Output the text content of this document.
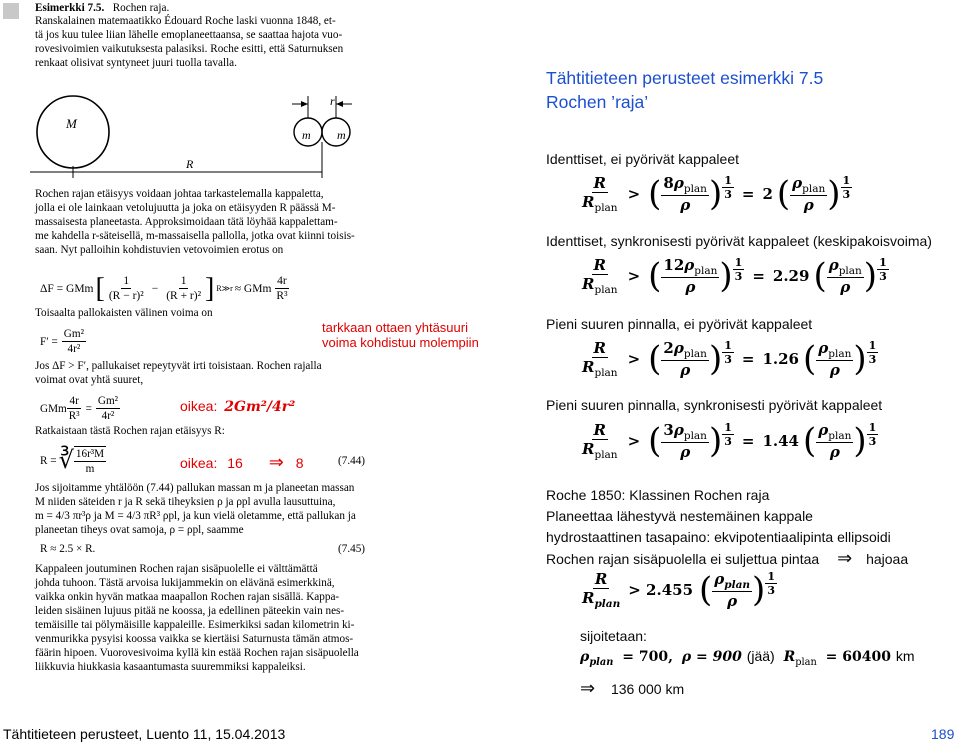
Esimerkki 7.5. Rochen raja.
Ranskalainen matemaatikko Édouard Roche laski vuonna 1848, et-
tä jos kuu tulee liian lähelle emoplaneettaansa, se saattaa hajota vuo-
rovesivoimien vaikutuksesta palasiksi. Roche esitti, että Saturnuksen
renkaat olisivat syntyneet juuri tuolla tavalla.
M
m m
r
R
Rochen rajan etäisyys voidaan johtaa tarkastelemalla kappaletta,
jolla ei ole lainkaan vetolujuutta ja joka on etäisyyden R päässä M-
massaisesta planeetasta. Approksimoidaan tätä löyhää kappalettam-
me kahdella r-säteisellä, m-massaisella pallolla, jotka ovat kiinni toisis-
saan. Nyt palloihin kohdistuvien vetovoimien erotus on
ΔF = GMm [ $\frac{1}{\text{(R − r)²}} - \frac{1}{\text{(R + r)²}}$ ] R≫r ≈ GMm $\frac{4r}{\text{R³}}$
Toisaalta pallokaisten välinen voima on
$F' = \frac{\text{Gm²}}{\text{4r²}}$
Jos ΔF > F′, pallukaiset repeytyvät irti toisistaan. Rochen rajalla
voimat ovat yhtä suuret,
GMm $\frac{4r}{\text{R³}} = \frac{\text{Gm²}}{\text{4r²}}$
Ratkaistaan tästä Rochen rajan etäisyys R:
R = ∛ $\frac{\text{16r³M}}{m}$	(7.44)
Jos sijoitamme yhtälöön (7.44) pallukan massan m ja planeetan massan
M niiden säteiden r ja R sekä tiheyksien ρ ja ρpl avulla lausuttuina,
m = 4/3 πr³ρ ja M = 4/3 πR³ ρpl, ja kun vielä oletamme, että pallukan ja
planeetan tiheys ovat samoja, ρ = ρpl, saamme
R ≈ 2.5 × R.	(7.45)
Kappaleen joutuminen Rochen rajan sisäpuolelle ei välttämättä
johda tuhoon. Tästä arvoisa lukijammekin on elävänä esimerkkinä,
vaikka onkin hyvän matkaa maapallon Rochen rajan sisällä. Kappa-
leiden sisäinen lujuus pitää ne koossa, ja edellinen päteekin vain nes-
temäisille tai pölymäisille kappaleille. Esimerkiksi sadan kilometrin ki-
venmurikka pysyisi koossa vaikka se kiertäisi Saturnusta tämän atmos-
fäärin hipoen. Vuorovesivoima kyllä kin estää Rochen rajan sisäpuolella
liikkuvia hiukkasia kasaantumasta suuremmiksi kappaleiksi.
tarkkaan ottaen yhtäsuuri
voima kohdistuu molempiin
oikea: 2Gm²/4r²
oikea: 16 ⇒ 8
Tähtitieteen perusteet esimerkki 7.5
Rochen ’raja’
Identtiset, ei pyörivät kappaleet
Identtiset, synkronisesti pyörivät kappaleet (keskipakoisvoima)
Pieni suuren pinnalla, ei pyörivät kappaleet
Pieni suuren pinnalla, synkronisesti pyörivät kappaleet
$\frac{R}{R_{plan}}$ > ( $\frac{8\rho_{plan}}{\rho}$ ) $\frac{1}{3} = 2$ ( $\frac{\rho_{plan}}{\rho}$ ) $\frac{1}{3}$
$\frac{R}{R_{plan}}$ > ( $\frac{12\rho_{plan}}{\rho}$ ) $\frac{1}{3} = 2.29$ ( $\frac{\rho_{plan}}{\rho}$ ) $\frac{1}{3}$
$\frac{R}{R_{plan}}$ > ( $\frac{2\rho_{plan}}{\rho}$ ) $\frac{1}{3} = 1.26$ ( $\frac{\rho_{plan}}{\rho}$ ) $\frac{1}{3}$
$\frac{R}{R_{plan}}$ > ( $\frac{3\rho_{plan}}{\rho}$ ) $\frac{1}{3} = 1.44$ ( $\frac{\rho_{plan}}{\rho}$ ) $\frac{1}{3}$
Roche 1850: Klassinen Rochen raja
Planeettaa lähestyvä nestemäinen kappale
hydrostaattinen tasapaino: ekvipotentiaalipinta ellipsoidi
Rochen rajan sisäpuolella ei suljettua pintaa ⇒ hajoaa
$\frac{R}{R_{plan}} > 2.455$ ( $\frac{\rho_{plan}}{\rho}$ ) $\frac{1}{3}$
sijoitetaan:
$\rho_{plan} = 700$, ρ = 900 (jää) $R_{plan} = 60400$ km
⇒ 136 000 km
Tähtitieteen perusteet, Luento 11, 15.04.2013	189
